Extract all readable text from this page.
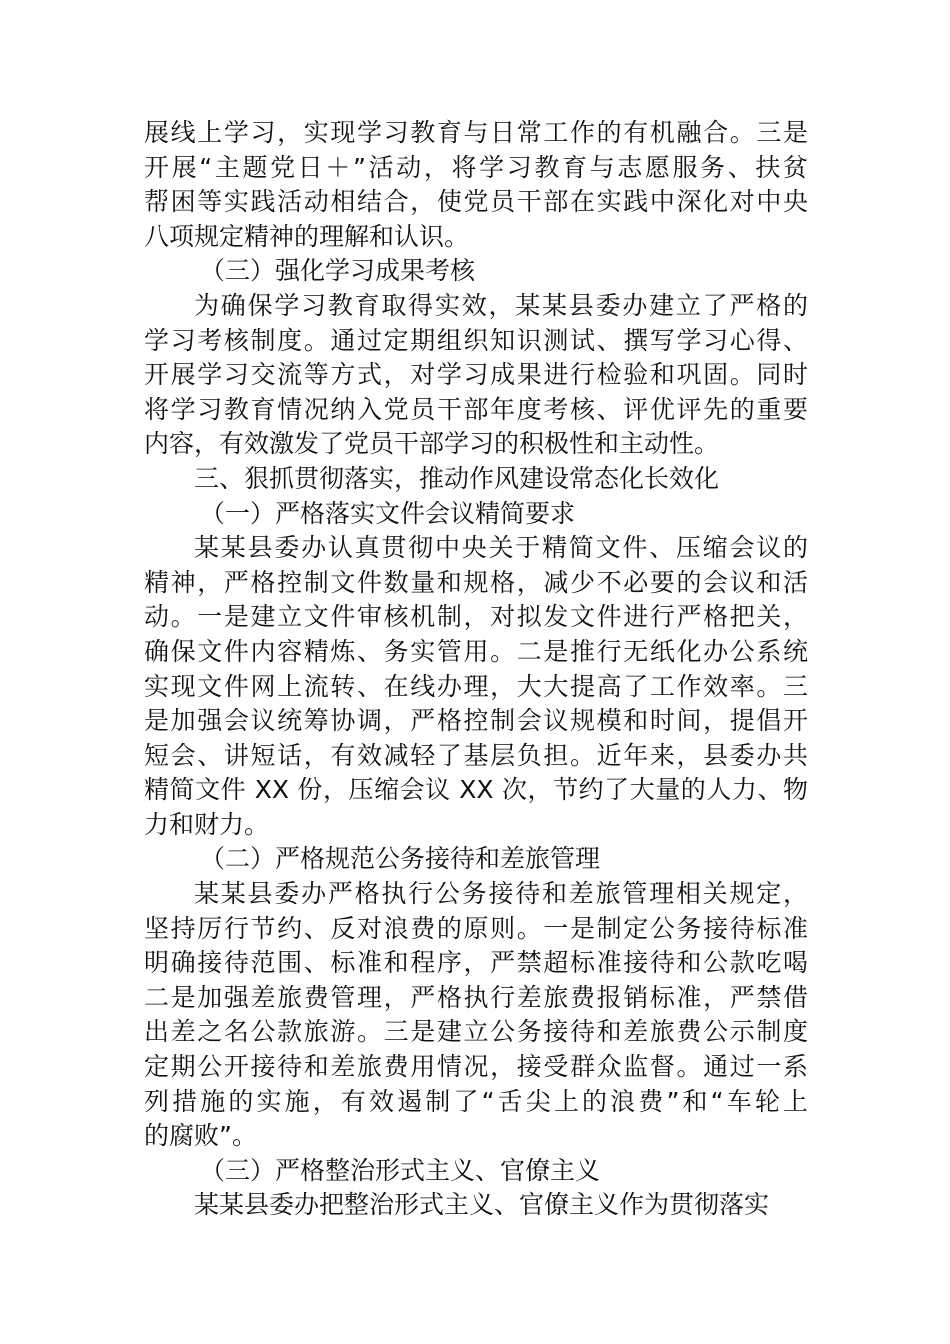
展线上学习，实现学习教育与日常工作的有机融合。三是
开展“主题党日＋”活动，将学习教育与志愿服务、扶贫
帮困等实践活动相结合，使党员干部在实践中深化对中央
八项规定精神的理解和认识。
（三）强化学习成果考核
为确保学习教育取得实效，某某县委办建立了严格的
学习考核制度。通过定期组织知识测试、撰写学习心得、
开展学习交流等方式，对学习成果进行检验和巩固。同时
将学习教育情况纳入党员干部年度考核、评优评先的重要
内容，有效激发了党员干部学习的积极性和主动性。
三、狠抓贯彻落实，推动作风建设常态化长效化
（一）严格落实文件会议精简要求
某某县委办认真贯彻中央关于精简文件、压缩会议的
精神，严格控制文件数量和规格，减少不必要的会议和活
动。一是建立文件审核机制，对拟发文件进行严格把关，
确保文件内容精炼、务实管用。二是推行无纸化办公系统
实现文件网上流转、在线办理，大大提高了工作效率。三
是加强会议统筹协调，严格控制会议规模和时间，提倡开
短会、讲短话，有效减轻了基层负担。近年来，县委办共
精简文件 XX 份，压缩会议 XX 次，节约了大量的人力、物
力和财力。
（二）严格规范公务接待和差旅管理
某某县委办严格执行公务接待和差旅管理相关规定，
坚持厉行节约、反对浪费的原则。一是制定公务接待标准
明确接待范围、标准和程序，严禁超标准接待和公款吃喝
二是加强差旅费管理，严格执行差旅费报销标准，严禁借
出差之名公款旅游。三是建立公务接待和差旅费公示制度
定期公开接待和差旅费用情况，接受群众监督。通过一系
列措施的实施，有效遏制了“舌尖上的浪费”和“车轮上
的腐败”。
（三）严格整治形式主义、官僚主义
某某县委办把整治形式主义、官僚主义作为贯彻落实
